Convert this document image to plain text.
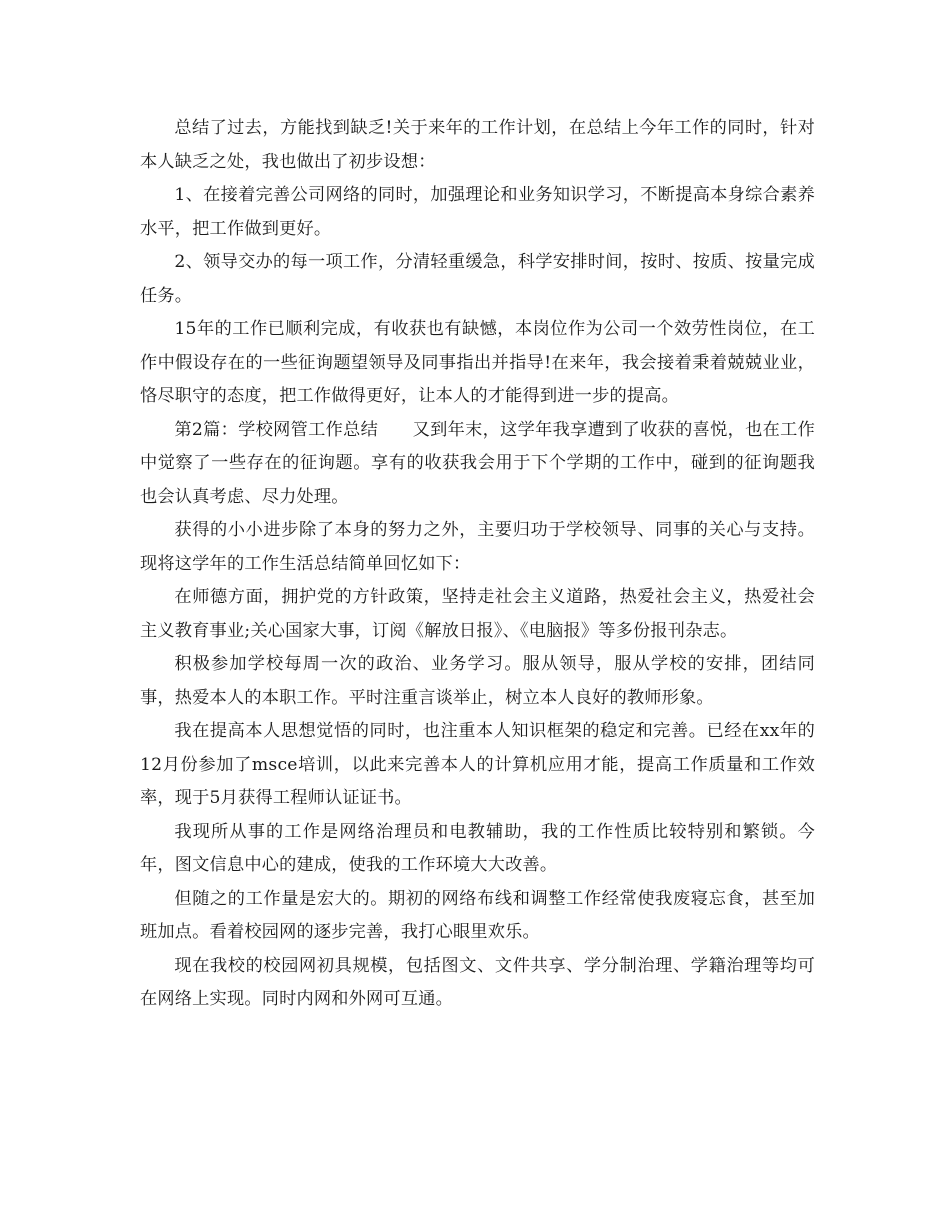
总结了过去，方能找到缺乏!关于来年的工作计划，在总结上今年工作的同时，针对本人缺乏之处，我也做出了初步设想：

1、在接着完善公司网络的同时，加强理论和业务知识学习，不断提高本身综合素养水平，把工作做到更好。

2、领导交办的每一项工作，分清轻重缓急，科学安排时间，按时、按质、按量完成任务。

15年的工作已顺利完成，有收获也有缺憾，本岗位作为公司一个效劳性岗位，在工作中假设存在的一些征询题望领导及同事指出并指导!在来年，我会接着秉着兢兢业业，恪尽职守的态度，把工作做得更好，让本人的才能得到进一步的提高。

第2篇：学校网管工作总结 又到年末，这学年我享遭到了收获的喜悦，也在工作中觉察了一些存在的征询题。享有的收获我会用于下个学期的工作中，碰到的征询题我也会认真考虑、尽力处理。

获得的小小进步除了本身的努力之外，主要归功于学校领导、同事的关心与支持。现将这学年的工作生活总结简单回忆如下：

在师德方面，拥护党的方针政策，坚持走社会主义道路，热爱社会主义，热爱社会主义教育事业;关心国家大事，订阅《解放日报》、《电脑报》等多份报刊杂志。

积极参加学校每周一次的政治、业务学习。服从领导，服从学校的安排，团结同事，热爱本人的本职工作。平时注重言谈举止，树立本人良好的教师形象。

我在提高本人思想觉悟的同时，也注重本人知识框架的稳定和完善。已经在xx年的12月份参加了msce培训，以此来完善本人的计算机应用才能，提高工作质量和工作效率，现于5月获得工程师认证证书。

我现所从事的工作是网络治理员和电教辅助，我的工作性质比较特别和繁锁。今年，图文信息中心的建成，使我的工作环境大大改善。

但随之的工作量是宏大的。期初的网络布线和调整工作经常使我废寝忘食，甚至加班加点。看着校园网的逐步完善，我打心眼里欢乐。

现在我校的校园网初具规模，包括图文、文件共享、学分制治理、学籍治理等均可在网络上实现。同时内网和外网可互通。
